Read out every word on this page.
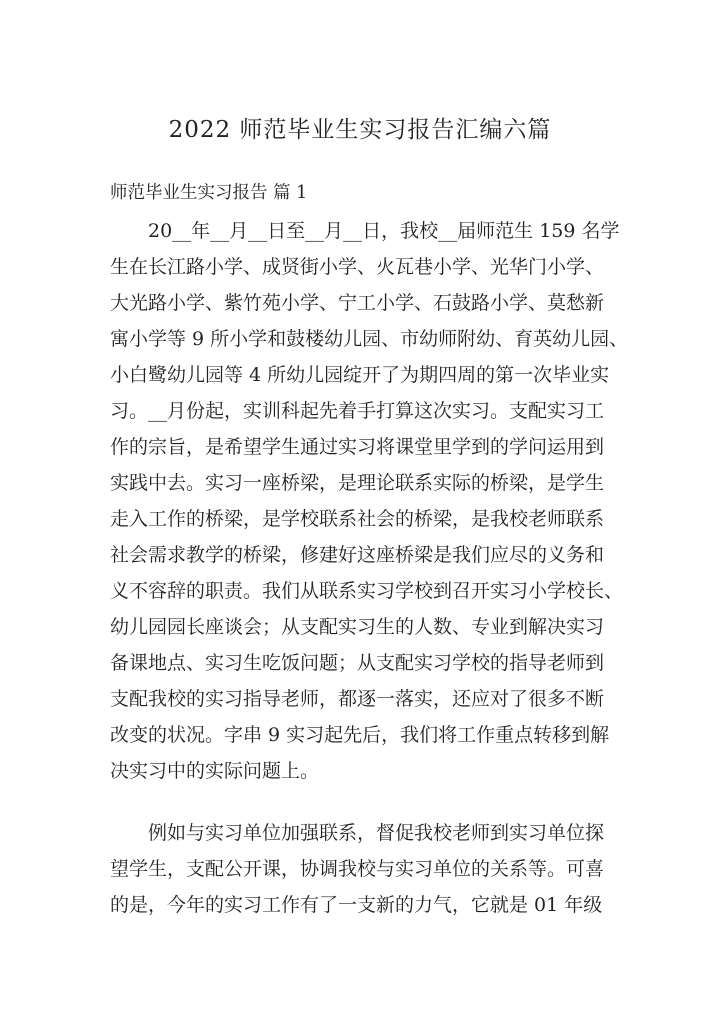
2022 师范毕业生实习报告汇编六篇
师范毕业生实习报告 篇 1
20__年__月__日至__月__日，我校__届师范生 159 名学
生在长江路小学、成贤街小学、火瓦巷小学、光华门小学、
大光路小学、紫竹苑小学、宁工小学、石鼓路小学、莫愁新
寓小学等 9 所小学和鼓楼幼儿园、市幼师附幼、育英幼儿园、
小白鹭幼儿园等 4 所幼儿园绽开了为期四周的第一次毕业实
习。__月份起，实训科起先着手打算这次实习。支配实习工
作的宗旨，是希望学生通过实习将课堂里学到的学问运用到
实践中去。实习一座桥梁，是理论联系实际的桥梁，是学生
走入工作的桥梁，是学校联系社会的桥梁，是我校老师联系
社会需求教学的桥梁，修建好这座桥梁是我们应尽的义务和
义不容辞的职责。我们从联系实习学校到召开实习小学校长、
幼儿园园长座谈会；从支配实习生的人数、专业到解决实习
备课地点、实习生吃饭问题；从支配实习学校的指导老师到
支配我校的实习指导老师，都逐一落实，还应对了很多不断
改变的状况。字串 9 实习起先后，我们将工作重点转移到解
决实习中的实际问题上。
例如与实习单位加强联系，督促我校老师到实习单位探
望学生，支配公开课，协调我校与实习单位的关系等。可喜
的是，今年的实习工作有了一支新的力气，它就是 01 年级
